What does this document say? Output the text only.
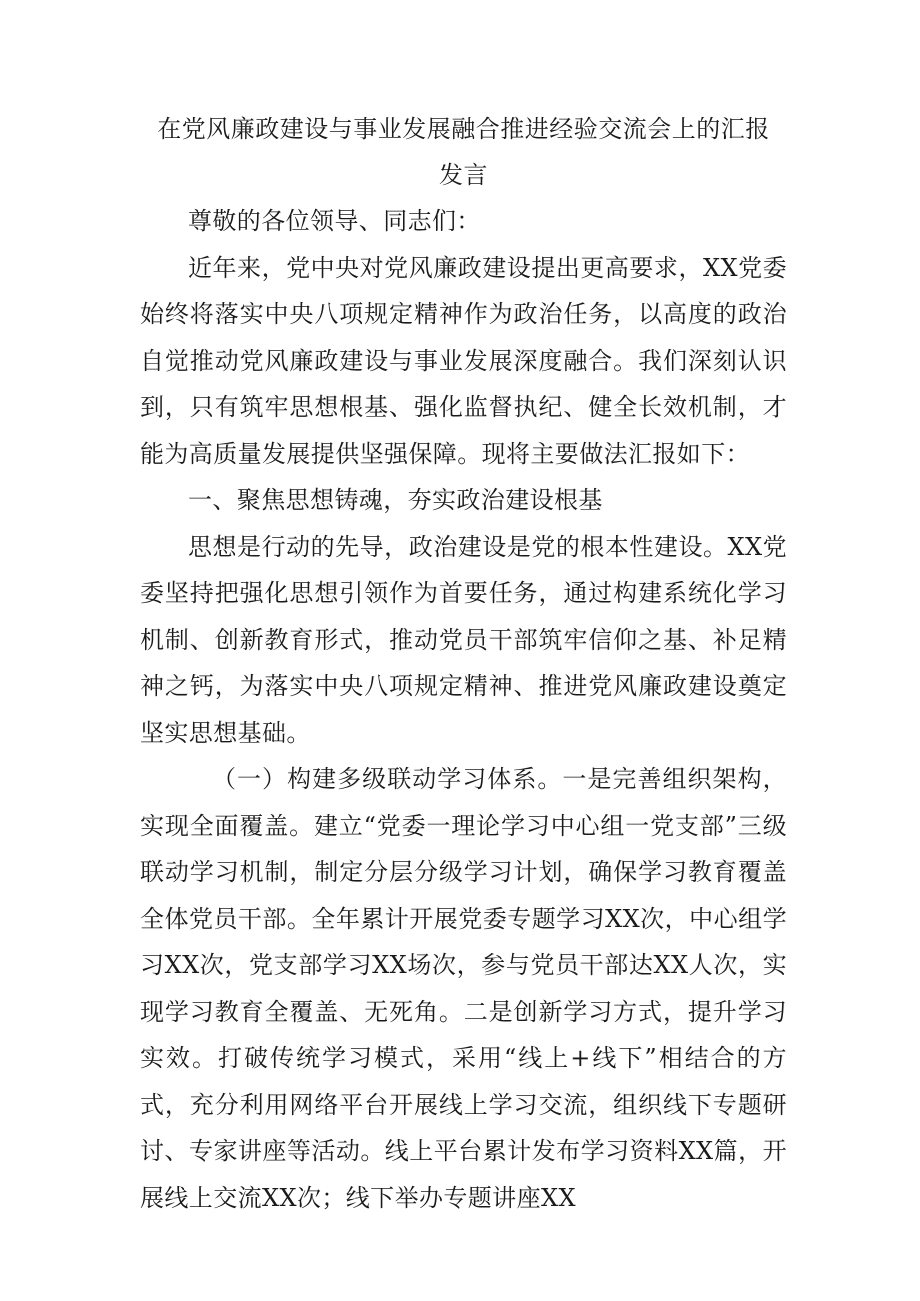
在党风廉政建设与事业发展融合推进经验交流会上的汇报
发言

尊敬的各位领导、同志们：

近年来，党中央对党风廉政建设提出更高要求，XX党委始终将落实中央八项规定精神作为政治任务，以高度的政治自觉推动党风廉政建设与事业发展深度融合。我们深刻认识到，只有筑牢思想根基、强化监督执纪、健全长效机制，才能为高质量发展提供坚强保障。现将主要做法汇报如下：

一、聚焦思想铸魂，夯实政治建设根基

思想是行动的先导，政治建设是党的根本性建设。XX党委坚持把强化思想引领作为首要任务，通过构建系统化学习机制、创新教育形式，推动党员干部筑牢信仰之基、补足精神之钙，为落实中央八项规定精神、推进党风廉政建设奠定坚实思想基础。

（一）构建多级联动学习体系。一是完善组织架构，实现全面覆盖。建立“党委一理论学习中心组一党支部”三级联动学习机制，制定分层分级学习计划，确保学习教育覆盖全体党员干部。全年累计开展党委专题学习XX次，中心组学习XX次，党支部学习XX场次，参与党员干部达XX人次，实现学习教育全覆盖、无死角。二是创新学习方式，提升学习实效。打破传统学习模式，采用“线上+线下”相结合的方式，充分利用网络平台开展线上学习交流，组织线下专题研讨、专家讲座等活动。线上平台累计发布学习资料XX篇，开展线上交流XX次；线下举办专题讲座XX
